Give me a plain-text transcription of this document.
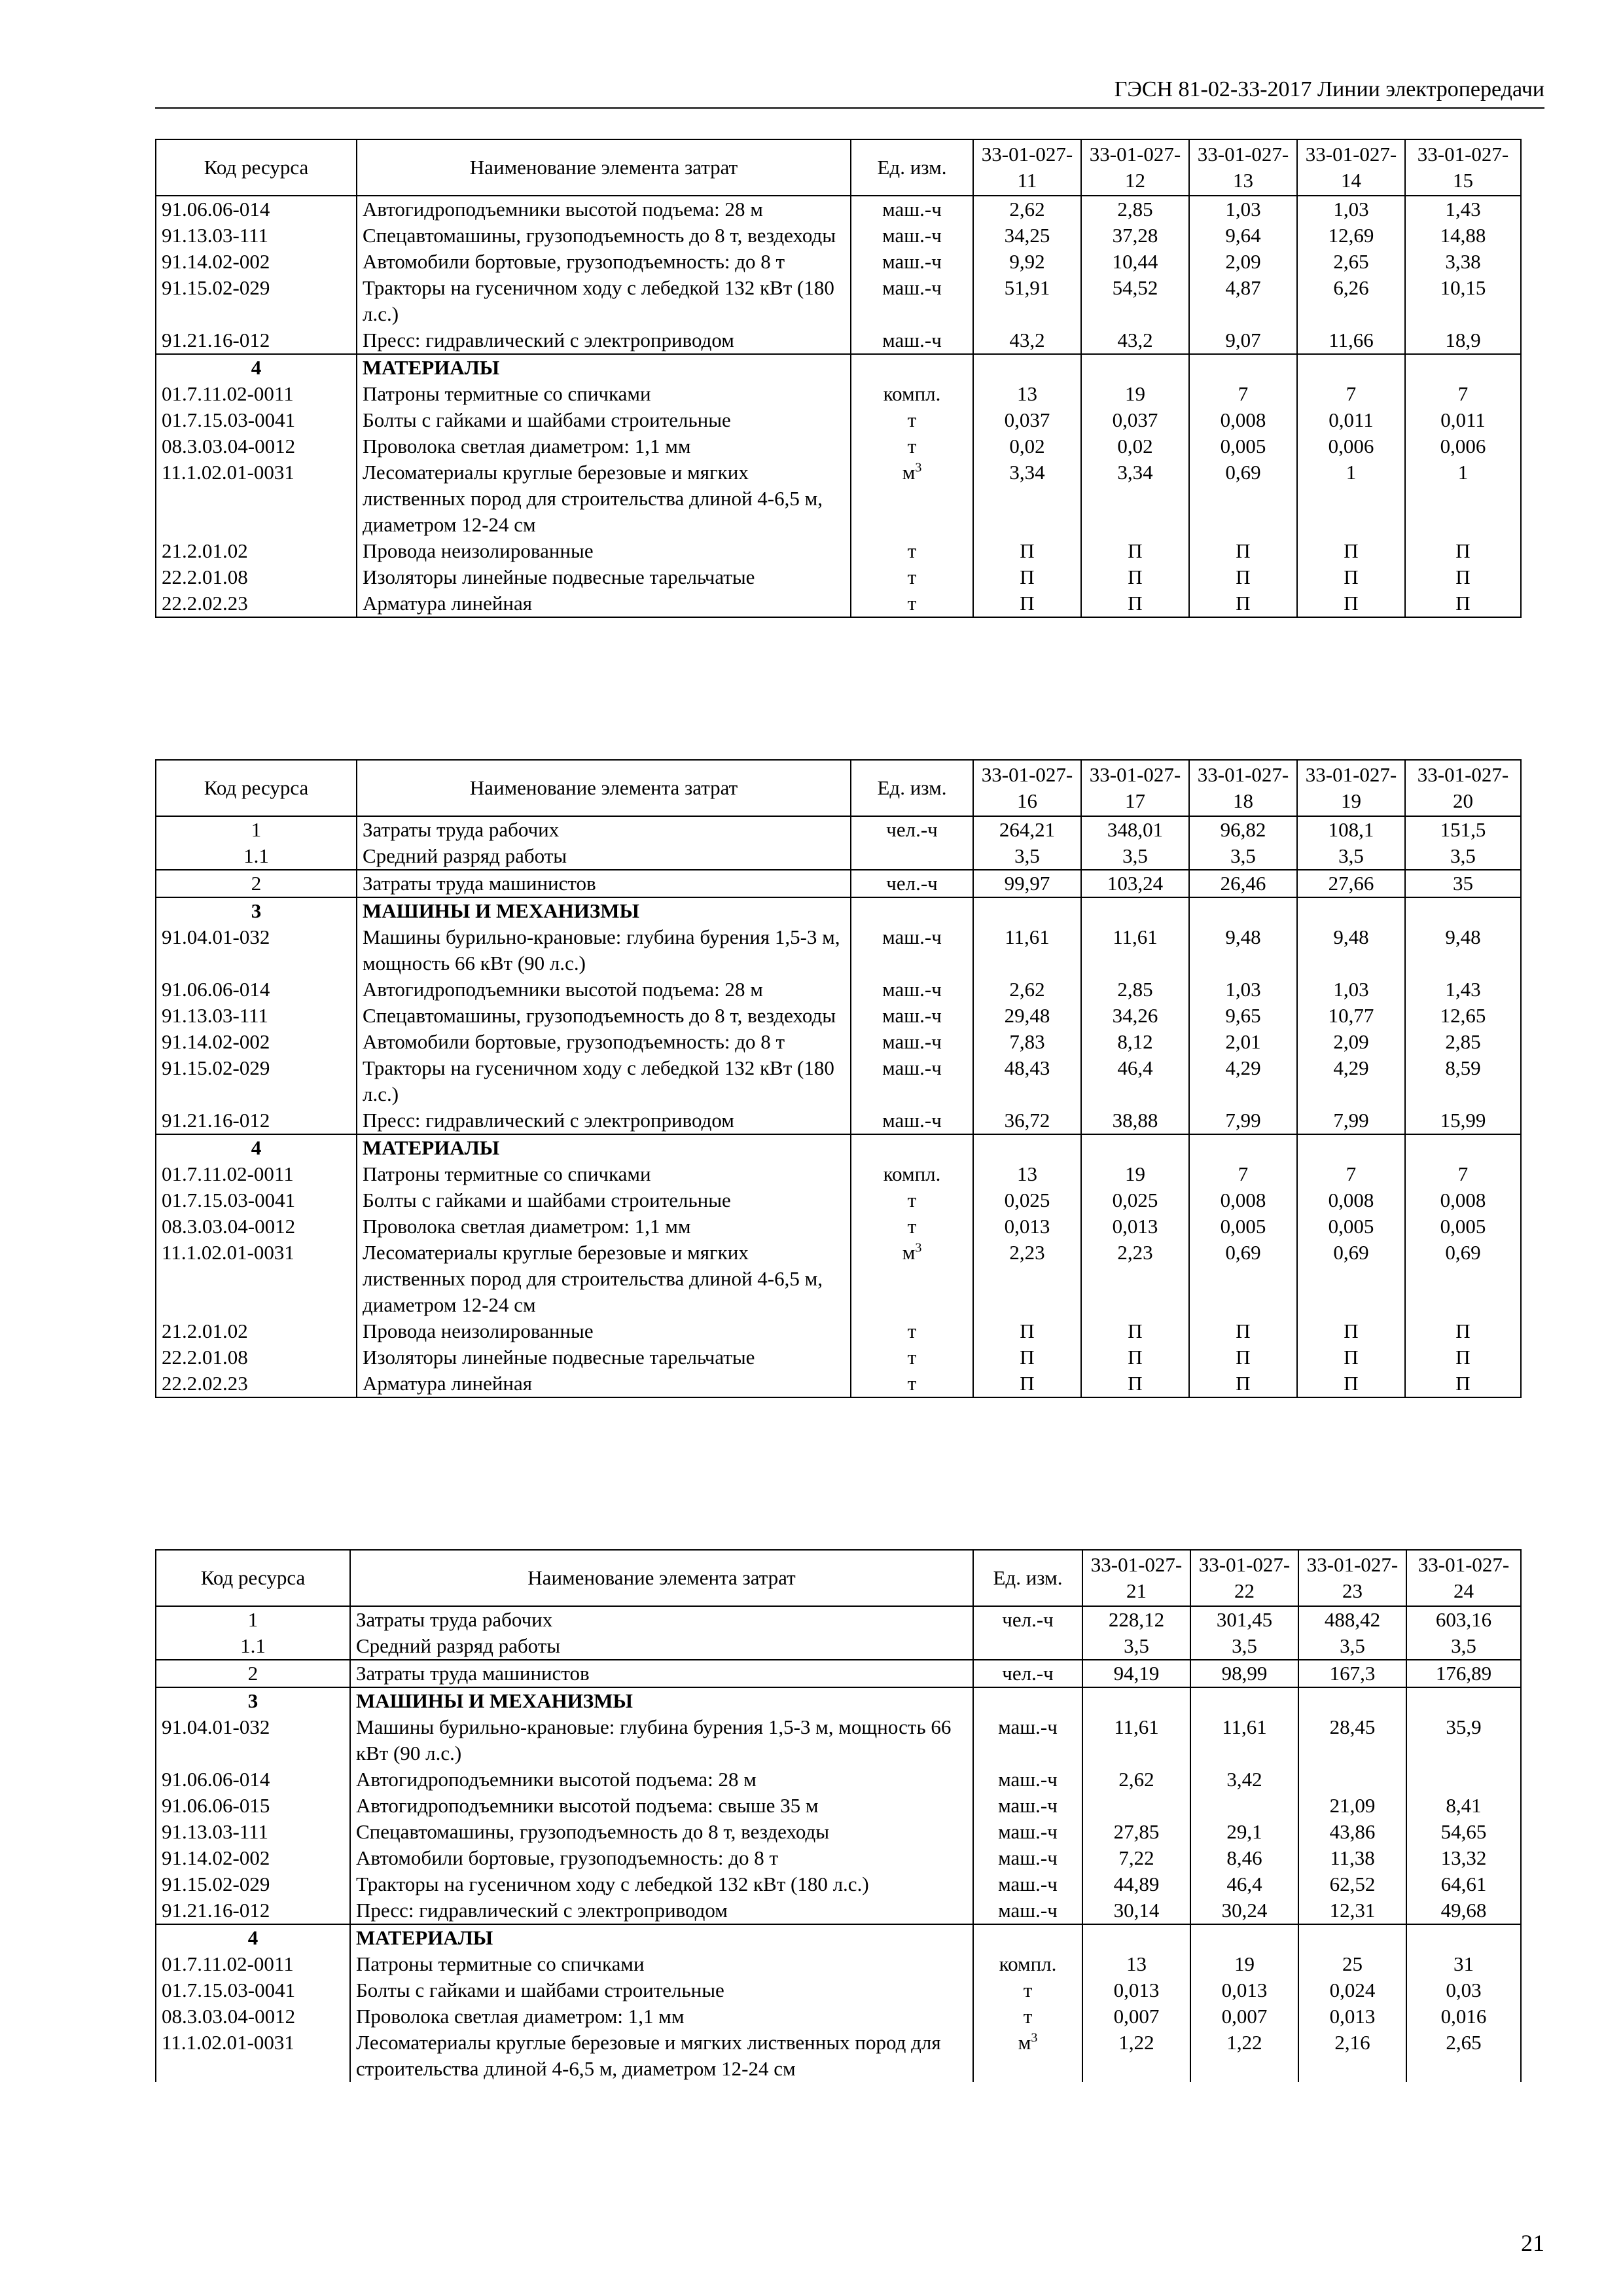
ГЭСН 81-02-33-2017 Линии электропередачи
Код ресурса	Наименование элемента затрат	Ед. изм.	33-01-027-11	33-01-027-12	33-01-027-13	33-01-027-14	33-01-027-15
91.06.06-014	Автогидроподъемники высотой подъема: 28 м	маш.-ч	2,62	2,85	1,03	1,03	1,43
91.13.03-111	Спецавтомашины, грузоподъемность до 8 т, вездеходы	маш.-ч	34,25	37,28	9,64	12,69	14,88
91.14.02-002	Автомобили бортовые, грузоподъемность: до 8 т	маш.-ч	9,92	10,44	2,09	2,65	3,38
91.15.02-029	Тракторы на гусеничном ходу с лебедкой 132 кВт (180 л.с.)	маш.-ч	51,91	54,52	4,87	6,26	10,15
91.21.16-012	Пресс: гидравлический с электроприводом	маш.-ч	43,2	43,2	9,07	11,66	18,9
4	МАТЕРИАЛЫ						
01.7.11.02-0011	Патроны термитные со спичками	компл.	13	19	7	7	7
01.7.15.03-0041	Болты с гайками и шайбами строительные	т	0,037	0,037	0,008	0,011	0,011
08.3.03.04-0012	Проволока светлая диаметром: 1,1 мм	т	0,02	0,02	0,005	0,006	0,006
11.1.02.01-0031	Лесоматериалы круглые березовые и мягких лиственных пород для строительства длиной 4-6,5 м, диаметром 12-24 см	$м^3$	3,34	3,34	0,69	1	1
21.2.01.02	Провода неизолированные	т	П	П	П	П	П
22.2.01.08	Изоляторы линейные подвесные тарельчатые	т	П	П	П	П	П
22.2.02.23	Арматура линейная	т	П	П	П	П	П
Код ресурса	Наименование элемента затрат	Ед. изм.	33-01-027-16	33-01-027-17	33-01-027-18	33-01-027-19	33-01-027-20
1	Затраты труда рабочих	чел.-ч	264,21	348,01	96,82	108,1	151,5
1.1	Средний разряд работы		3,5	3,5	3,5	3,5	3,5
2	Затраты труда машинистов	чел.-ч	99,97	103,24	26,46	27,66	35
3	МАШИНЫ И МЕХАНИЗМЫ						
91.04.01-032	Машины бурильно-крановые: глубина бурения 1,5-3 м, мощность 66 кВт (90 л.с.)	маш.-ч	11,61	11,61	9,48	9,48	9,48
91.06.06-014	Автогидроподъемники высотой подъема: 28 м	маш.-ч	2,62	2,85	1,03	1,03	1,43
91.13.03-111	Спецавтомашины, грузоподъемность до 8 т, вездеходы	маш.-ч	29,48	34,26	9,65	10,77	12,65
91.14.02-002	Автомобили бортовые, грузоподъемность: до 8 т	маш.-ч	7,83	8,12	2,01	2,09	2,85
91.15.02-029	Тракторы на гусеничном ходу с лебедкой 132 кВт (180 л.с.)	маш.-ч	48,43	46,4	4,29	4,29	8,59
91.21.16-012	Пресс: гидравлический с электроприводом	маш.-ч	36,72	38,88	7,99	7,99	15,99
4	МАТЕРИАЛЫ						
01.7.11.02-0011	Патроны термитные со спичками	компл.	13	19	7	7	7
01.7.15.03-0041	Болты с гайками и шайбами строительные	т	0,025	0,025	0,008	0,008	0,008
08.3.03.04-0012	Проволока светлая диаметром: 1,1 мм	т	0,013	0,013	0,005	0,005	0,005
11.1.02.01-0031	Лесоматериалы круглые березовые и мягких лиственных пород для строительства длиной 4-6,5 м, диаметром 12-24 см	$м^3$	2,23	2,23	0,69	0,69	0,69
21.2.01.02	Провода неизолированные	т	П	П	П	П	П
22.2.01.08	Изоляторы линейные подвесные тарельчатые	т	П	П	П	П	П
22.2.02.23	Арматура линейная	т	П	П	П	П	П
Код ресурса	Наименование элемента затрат	Ед. изм.	33-01-027-21	33-01-027-22	33-01-027-23	33-01-027-24
1	Затраты труда рабочих	чел.-ч	228,12	301,45	488,42	603,16
1.1	Средний разряд работы		3,5	3,5	3,5	3,5
2	Затраты труда машинистов	чел.-ч	94,19	98,99	167,3	176,89
3	МАШИНЫ И МЕХАНИЗМЫ					
91.04.01-032	Машины бурильно-крановые: глубина бурения 1,5-3 м, мощность 66 кВт (90 л.с.)	маш.-ч	11,61	11,61	28,45	35,9
91.06.06-014	Автогидроподъемники высотой подъема: 28 м	маш.-ч	2,62	3,42		
91.06.06-015	Автогидроподъемники высотой подъема: свыше 35 м	маш.-ч			21,09	8,41
91.13.03-111	Спецавтомашины, грузоподъемность до 8 т, вездеходы	маш.-ч	27,85	29,1	43,86	54,65
91.14.02-002	Автомобили бортовые, грузоподъемность: до 8 т	маш.-ч	7,22	8,46	11,38	13,32
91.15.02-029	Тракторы на гусеничном ходу с лебедкой 132 кВт (180 л.с.)	маш.-ч	44,89	46,4	62,52	64,61
91.21.16-012	Пресс: гидравлический с электроприводом	маш.-ч	30,14	30,24	12,31	49,68
4	МАТЕРИАЛЫ					
01.7.11.02-0011	Патроны термитные со спичками	компл.	13	19	25	31
01.7.15.03-0041	Болты с гайками и шайбами строительные	т	0,013	0,013	0,024	0,03
08.3.03.04-0012	Проволока светлая диаметром: 1,1 мм	т	0,007	0,007	0,013	0,016
11.1.02.01-0031	Лесоматериалы круглые березовые и мягких лиственных пород для строительства длиной 4-6,5 м, диаметром 12-24 см	$м^3$	1,22	1,22	2,16	2,65
21
